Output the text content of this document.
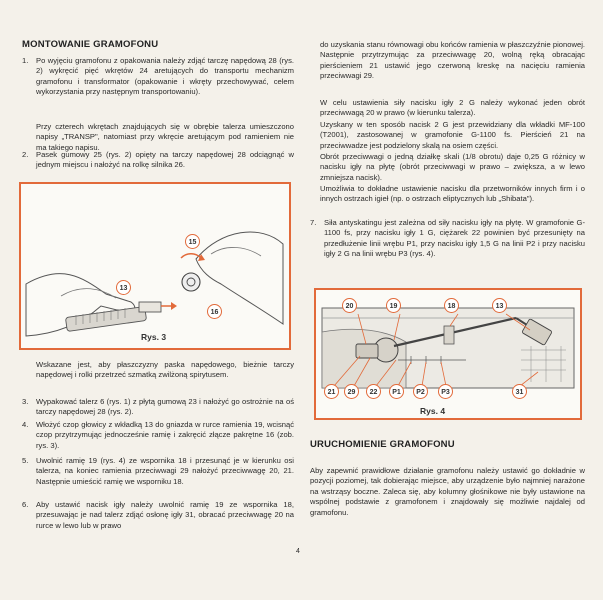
MONTOWANIE GRAMOFONU
1.	Po wyjęciu gramofonu z opakowania należy zdjąć tarczę napędową 28 (rys. 2) wykręcić pięć wkrętów 24 aretujących do transportu mechanizm gramofonu i transformator (opakowanie i wkręty przechowywać, celem wykorzystania przy następnym transportowaniu).
Przy czterech wkrętach znajdujących się w obrębie talerza umieszczono napisy „TRANSP", natomiast przy wkręcie aretującym pod ramieniem nie ma takiego napisu.
2.	Pasek gumowy 25 (rys. 2) opięty na tarczy napędowej 28 odciągnąć w jednym miejscu i nałożyć na rolkę silnika 26.
13
15
16
Rys. 3
Wskazane jest, aby płaszczyzny paska napędowego, bieżnie tarczy napędowej i rolki przetrzeć szmatką zwilżoną spirytusem.
3.	Wypakować talerz 6 (rys. 1) z płytą gumową 23 i nałożyć go ostrożnie na oś tarczy napędowej 28 (rys. 2).
4.	Włożyć czop głowicy z wkładką 13 do gniazda w rurce ramienia 19, wcisnąć czop przytrzymując jednocześnie ramię i zakręcić złącze pakrętne 16 (zob. rys. 3).
5.	Uwolnić ramię 19 (rys. 4) ze wspornika 18 i przesunąć je w kierunku osi talerza, na koniec ramienia przeciwwagi 29 nałożyć przeciwwagę 20, 21. Następnie umieścić ramię we wsporniku 18.
6.	Aby ustawić nacisk igły należy uwolnić ramię 19 ze wspornika 18, przesuwając je nad talerz zdjąć osłonę igły 31, obracać przeciwwagę 20 na rurce w lewo lub w prawo
do uzyskania stanu równowagi obu końców ramienia w płaszczyźnie pionowej. Następnie przytrzymując za przeciwwagę 20, wolną ręką obracając pierścieniem 21 ustawić jego czerwoną kreskę na nacięciu ramienia przeciwwagi 29.
W celu ustawienia siły nacisku igły 2 G należy wykonać jeden obrót przeciwwagą 20 w prawo (w kierunku talerza).
Uzyskany w ten sposób nacisk 2 G jest przewidziany dla wkładki MF-100 (T2001), zastosowanej w gramofonie G-1100 fs. Pierścień 21 na przeciwwadze jest podzielony skalą na osiem części.
Obrót przeciwwagi o jedną działkę skali (1/8 obrotu) daje 0,25 G różnicy w nacisku igły na płytę (obrót przeciwwagi w prawo – zwiększa, a w lewo zmniejsza nacisk).
Umożliwia to dokładne ustawienie nacisku dla przetworników innych firm i o innych ostrzach igieł (np. o ostrzach eliptycznych lub „Shibata").
7.	Siła antyskatingu jest zależna od siły nacisku igły na płytę. W gramofonie G-1100 fs, przy nacisku igły 1 G, ciężarek 22 powinien być przesunięty na przedłużenie linii wrębu P1, przy nacisku igły 1,5 G na linii P2 i przy nacisku igły 2 G na linii wrębu P3 (rys. 4).
20	19	18	13
21	29	22	P1	P2	P3	31
Rys. 4
URUCHOMIENIE GRAMOFONU
Aby zapewnić prawidłowe działanie gramofonu należy ustawić go dokładnie w pozycji poziomej, tak dobierając miejsce, aby urządzenie było najmniej narażone na wstrząsy boczne. Zaleca się, aby kolumny głośnikowe nie były ustawione na wspólnej podstawie z gramofonem i znajdowały się możliwie najdalej od gramofonu.
4
